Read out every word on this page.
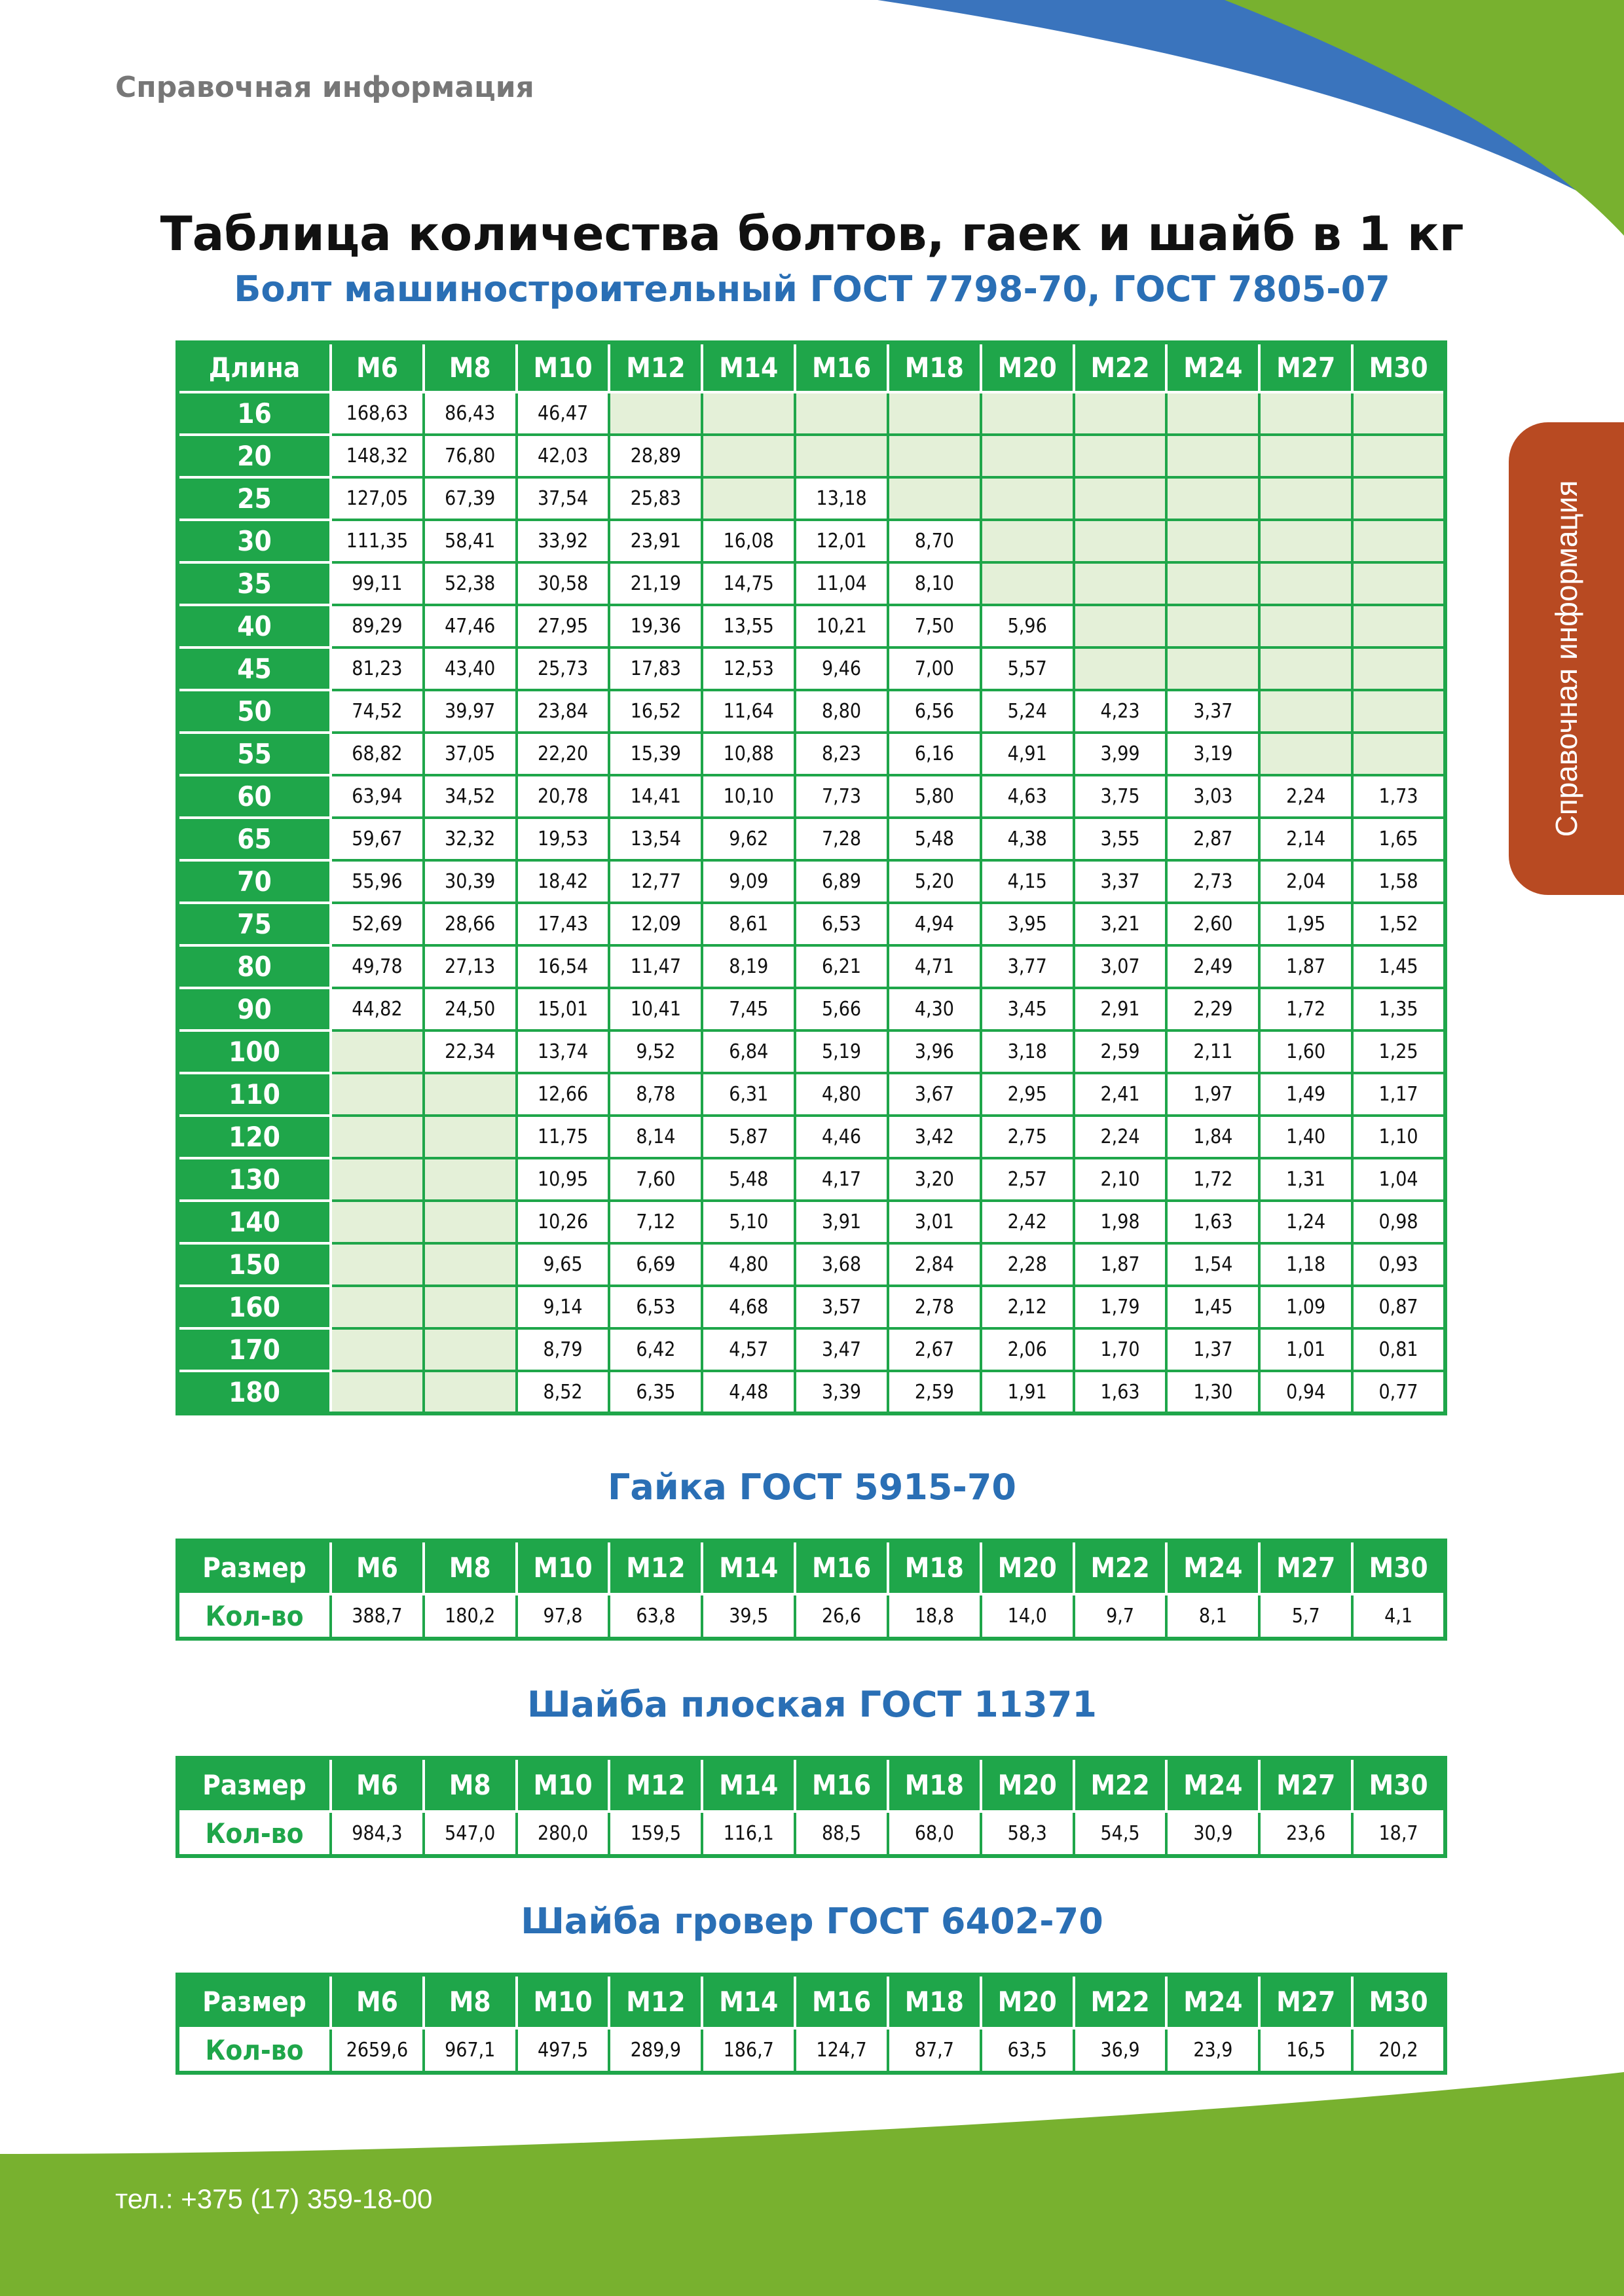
Справочная информация
Справочная информация
Таблица количества болтов, гаек и шайб в 1 кг
Болт машиностроительный ГОСТ 7798-70, ГОСТ 7805-07
Длина	М6	М8	М10	М12	М14	М16	М18	М20	М22	М24	М27	М30
16	168,63	86,43	46,47									
20	148,32	76,80	42,03	28,89								
25	127,05	67,39	37,54	25,83		13,18						
30	111,35	58,41	33,92	23,91	16,08	12,01	8,70					
35	99,11	52,38	30,58	21,19	14,75	11,04	8,10					
40	89,29	47,46	27,95	19,36	13,55	10,21	7,50	5,96				
45	81,23	43,40	25,73	17,83	12,53	9,46	7,00	5,57				
50	74,52	39,97	23,84	16,52	11,64	8,80	6,56	5,24	4,23	3,37		
55	68,82	37,05	22,20	15,39	10,88	8,23	6,16	4,91	3,99	3,19		
60	63,94	34,52	20,78	14,41	10,10	7,73	5,80	4,63	3,75	3,03	2,24	1,73
65	59,67	32,32	19,53	13,54	9,62	7,28	5,48	4,38	3,55	2,87	2,14	1,65
70	55,96	30,39	18,42	12,77	9,09	6,89	5,20	4,15	3,37	2,73	2,04	1,58
75	52,69	28,66	17,43	12,09	8,61	6,53	4,94	3,95	3,21	2,60	1,95	1,52
80	49,78	27,13	16,54	11,47	8,19	6,21	4,71	3,77	3,07	2,49	1,87	1,45
90	44,82	24,50	15,01	10,41	7,45	5,66	4,30	3,45	2,91	2,29	1,72	1,35
100		22,34	13,74	9,52	6,84	5,19	3,96	3,18	2,59	2,11	1,60	1,25
110			12,66	8,78	6,31	4,80	3,67	2,95	2,41	1,97	1,49	1,17
120			11,75	8,14	5,87	4,46	3,42	2,75	2,24	1,84	1,40	1,10
130			10,95	7,60	5,48	4,17	3,20	2,57	2,10	1,72	1,31	1,04
140			10,26	7,12	5,10	3,91	3,01	2,42	1,98	1,63	1,24	0,98
150			9,65	6,69	4,80	3,68	2,84	2,28	1,87	1,54	1,18	0,93
160			9,14	6,53	4,68	3,57	2,78	2,12	1,79	1,45	1,09	0,87
170			8,79	6,42	4,57	3,47	2,67	2,06	1,70	1,37	1,01	0,81
180			8,52	6,35	4,48	3,39	2,59	1,91	1,63	1,30	0,94	0,77
Гайка ГОСТ 5915-70
Размер	М6	М8	М10	М12	М14	М16	М18	М20	М22	М24	М27	М30
Кол-во	388,7	180,2	97,8	63,8	39,5	26,6	18,8	14,0	9,7	8,1	5,7	4,1
Шайба плоская ГОСТ 11371
Размер	М6	М8	М10	М12	М14	М16	М18	М20	М22	М24	М27	М30
Кол-во	984,3	547,0	280,0	159,5	116,1	88,5	68,0	58,3	54,5	30,9	23,6	18,7
Шайба гровер ГОСТ 6402-70
Размер	М6	М8	М10	М12	М14	М16	М18	М20	М22	М24	М27	М30
Кол-во	2659,6	967,1	497,5	289,9	186,7	124,7	87,7	63,5	36,9	23,9	16,5	20,2
тел.: +375 (17) 359-18-00
